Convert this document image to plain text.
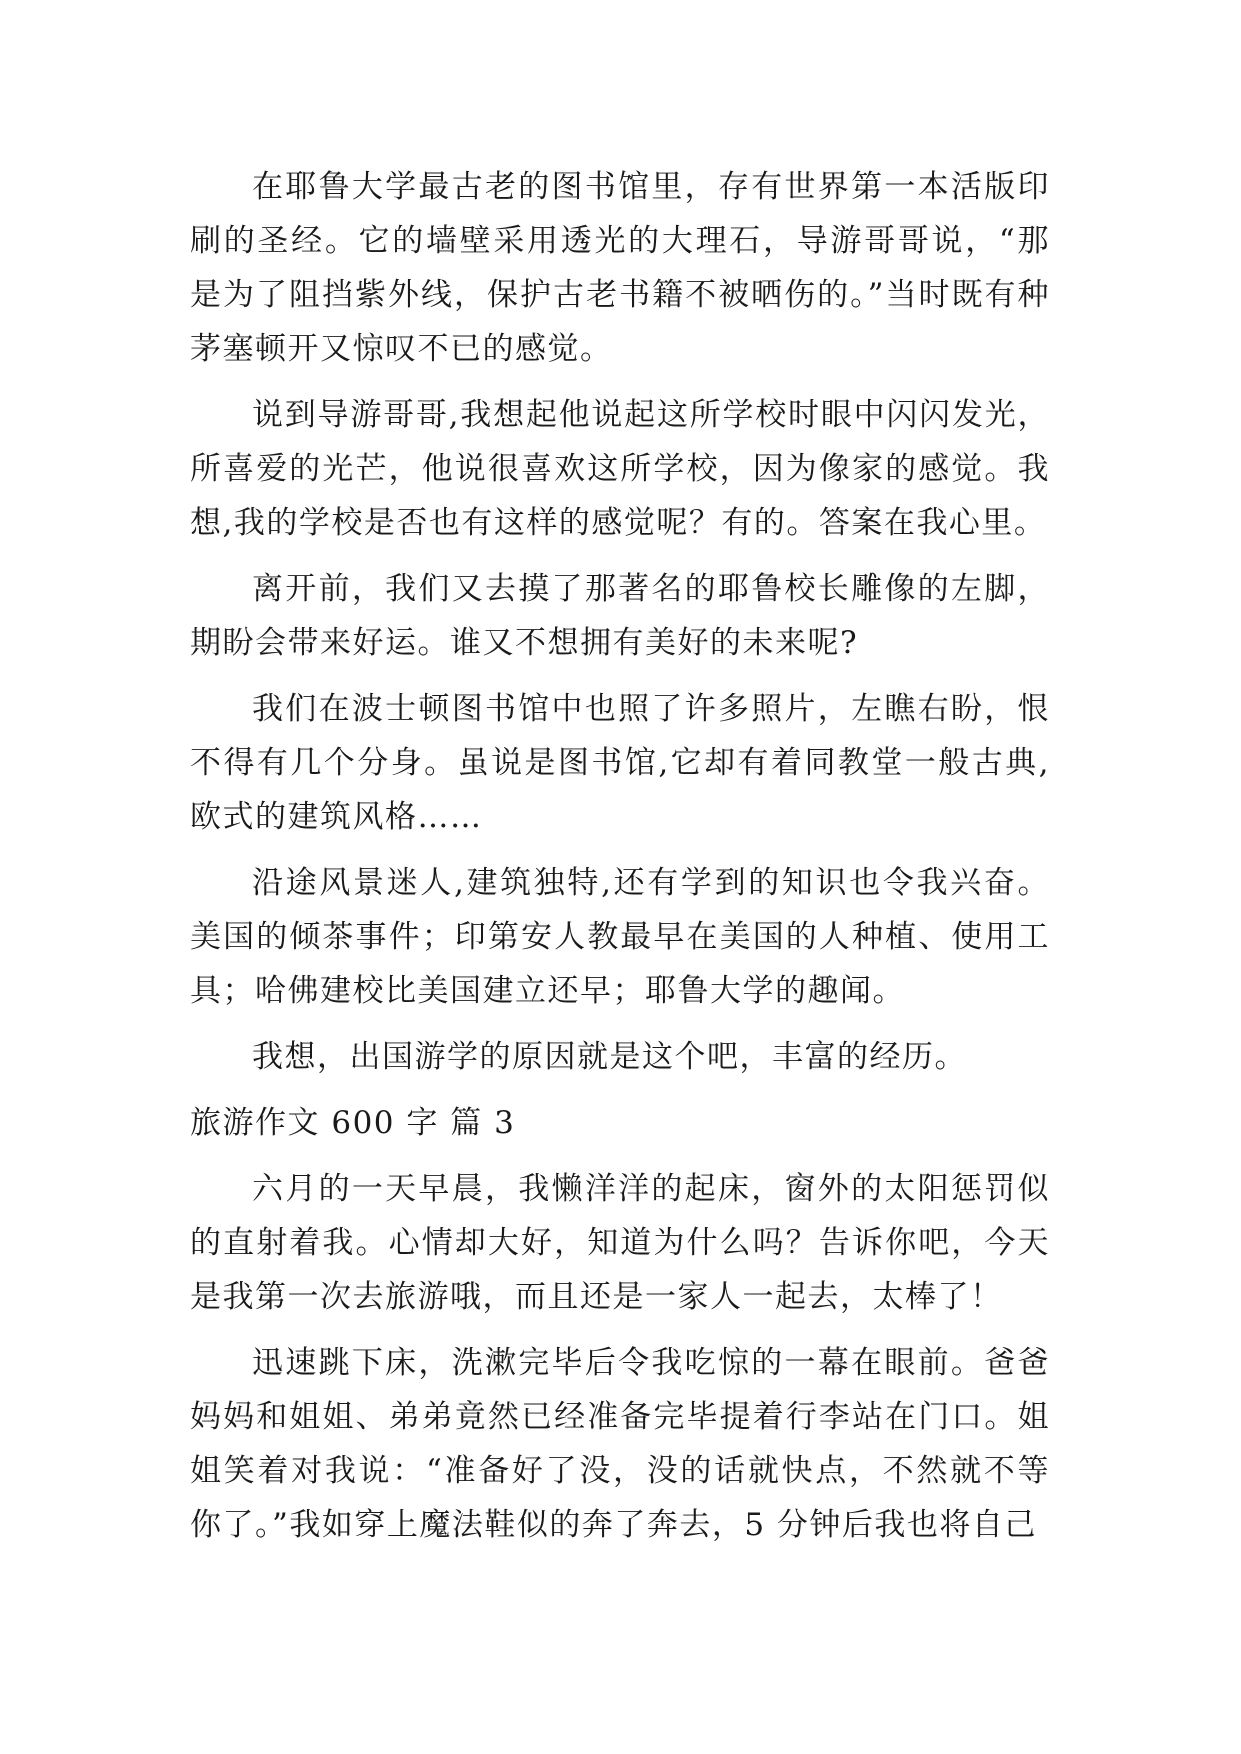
在耶鲁大学最古老的图书馆里，存有世界第一本活版印刷的圣经。它的墙壁采用透光的大理石，导游哥哥说，“那是为了阻挡紫外线，保护古老书籍不被晒伤的。”当时既有种茅塞顿开又惊叹不已的感觉。

说到导游哥哥,我想起他说起这所学校时眼中闪闪发光，所喜爱的光芒，他说很喜欢这所学校，因为像家的感觉。我想,我的学校是否也有这样的感觉呢？有的。答案在我心里。

离开前，我们又去摸了那著名的耶鲁校长雕像的左脚，期盼会带来好运。谁又不想拥有美好的未来呢?

我们在波士顿图书馆中也照了许多照片，左瞧右盼，恨不得有几个分身。虽说是图书馆,它却有着同教堂一般古典,欧式的建筑风格……

沿途风景迷人,建筑独特,还有学到的知识也令我兴奋。美国的倾茶事件；印第安人教最早在美国的人种植、使用工具；哈佛建校比美国建立还早；耶鲁大学的趣闻。

我想，出国游学的原因就是这个吧，丰富的经历。

旅游作文 600 字 篇 3

六月的一天早晨，我懒洋洋的起床，窗外的太阳惩罚似的直射着我。心情却大好，知道为什么吗？告诉你吧，今天是我第一次去旅游哦，而且还是一家人一起去，太棒了！

迅速跳下床，洗漱完毕后令我吃惊的一幕在眼前。爸爸妈妈和姐姐、弟弟竟然已经准备完毕提着行李站在门口。姐姐笑着对我说：“准备好了没，没的话就快点，不然就不等你了。”我如穿上魔法鞋似的奔了奔去，5 分钟后我也将自己
